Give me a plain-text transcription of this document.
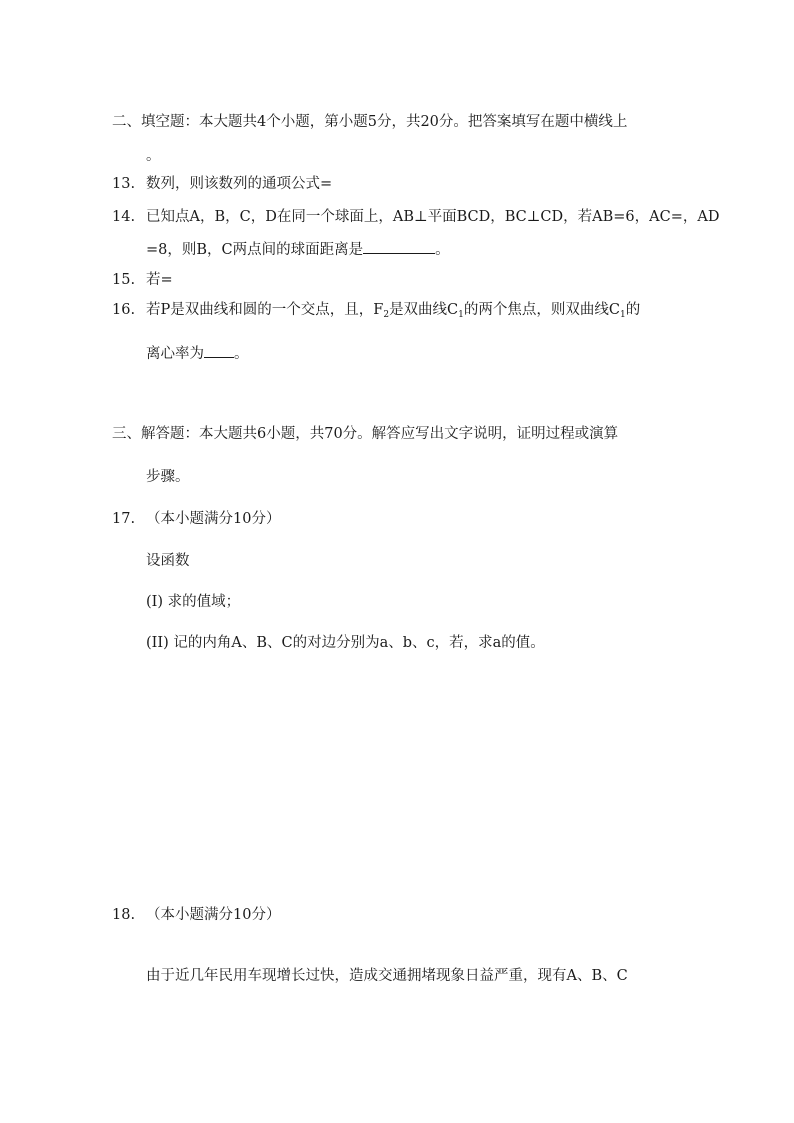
二、填空题：本大题共4个小题，第小题5分，共20分。把答案填写在题中横线上
。
13. 数列，则该数列的通项公式=
14. 已知点A，B，C，D在同一个球面上，AB⊥平面BCD，BC⊥CD，若AB=6，AC=，AD
=8，则B，C两点间的球面距离是	。
15. 若=
16. 若P是双曲线和圆的一个交点，且，$F_2$是双曲线$C_1$的两个焦点，则双曲线$C_1$的
离心率为 。
三、解答题：本大题共6小题，共70分。解答应写出文字说明，证明过程或演算
步骤。
17. （本小题满分10分）
设函数
(I) 求的值域；
(II) 记的内角A、B、C的对边分别为a、b、c，若，求a的值。
18. （本小题满分10分）
由于近几年民用车现增长过快，造成交通拥堵现象日益严重，现有A、B、C
